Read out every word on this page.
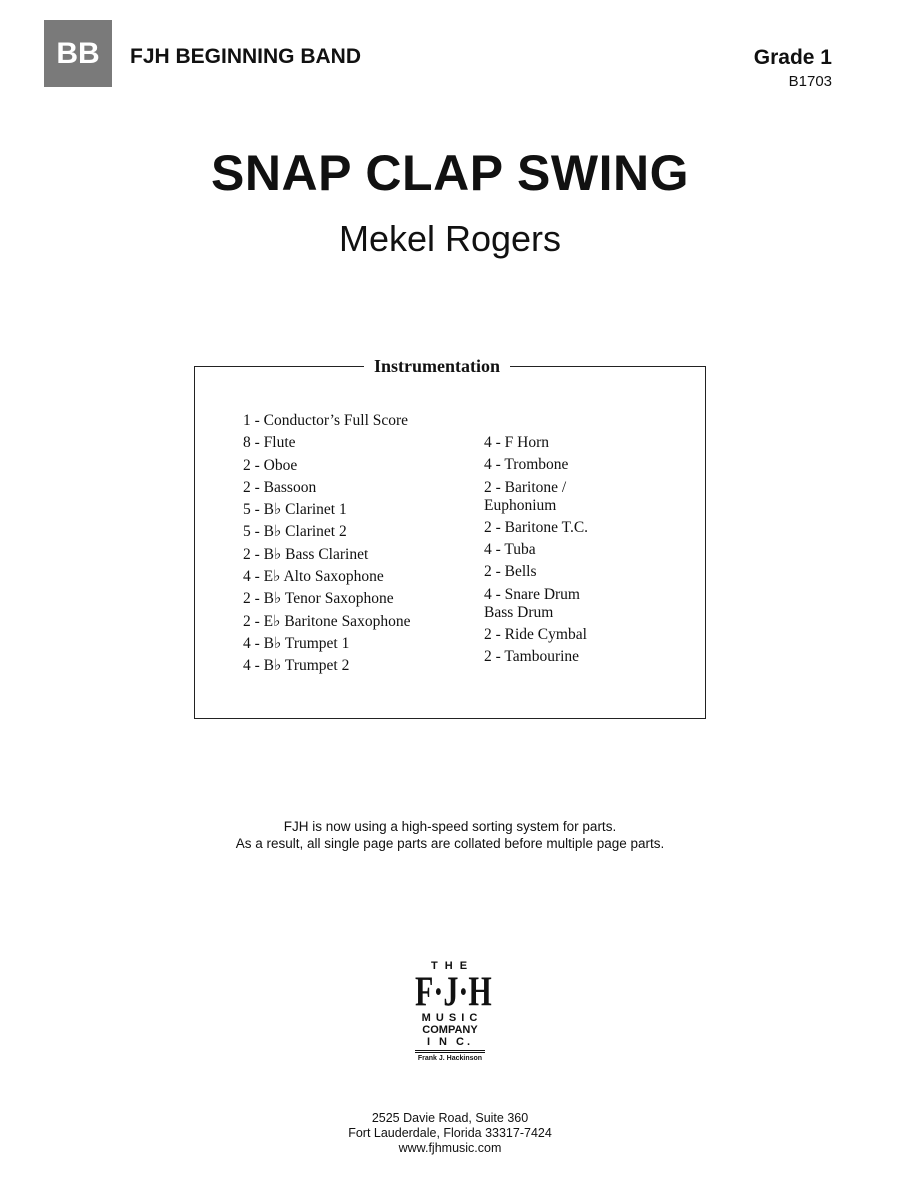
BB	FJH BEGINNING BAND	Grade 1
B1703
SNAP CLAP SWING
Mekel Rogers
Instrumentation
1 - Conductor’s Full Score
8 - Flute
2 - Oboe
2 - Bassoon
5 - B♭ Clarinet 1
5 - B♭ Clarinet 2
2 - B♭ Bass Clarinet
4 - E♭ Alto Saxophone
2 - B♭ Tenor Saxophone
2 - E♭ Baritone Saxophone
4 - B♭ Trumpet 1
4 - B♭ Trumpet 2
4 - F Horn
4 - Trombone
2 - Baritone /
Euphonium
2 - Baritone T.C.
4 - Tuba
2 - Bells
4 - Snare Drum
Bass Drum
2 - Ride Cymbal
2 - Tambourine
FJH is now using a high-speed sorting system for parts.
As a result, all single page parts are collated before multiple page parts.
T H E
F·J·H
M U S I C
COMPANY
I N C.
Frank J. Hackinson
2525 Davie Road, Suite 360
Fort Lauderdale, Florida 33317-7424
www.fjhmusic.com
